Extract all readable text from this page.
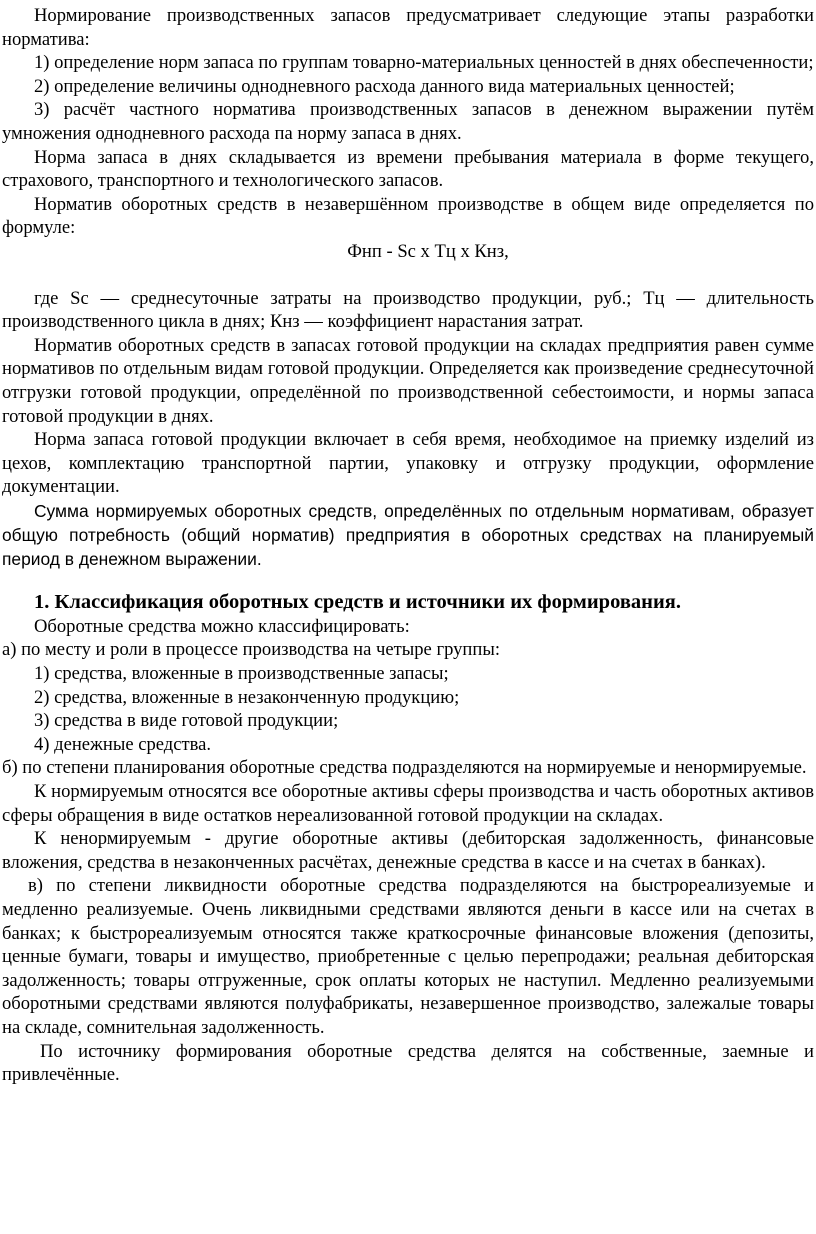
Нормирование производственных запасов предусматривает следующие этапы разработки норматива:

1) определение норм запаса по группам товарно-материальных ценностей в днях обеспеченности;

2) определение величины однодневного расхода данного вида материальных ценностей;

3) расчёт частного норматива производственных запасов в денежном выражении путём умножения однодневного расхода па норму запаса в днях.

Норма запаса в днях складывается из времени пребывания материала в форме текущего, страхового, транспортного и технологического запасов.

Норматив оборотных средств в незавершённом производстве в общем виде определяется по формуле:

Фнп - Sc х Тц х Кнз,

где Sc — среднесуточные затраты на производство продукции, руб.; Тц — длительность производственного цикла в днях; Кнз — коэффициент нарастания затрат.

Норматив оборотных средств в запасах готовой продукции на складах предприятия равен сумме нормативов по отдельным видам готовой продукции. Определяется как произведение среднесуточной отгрузки готовой продукции, определённой по производственной себестоимости, и нормы запаса готовой продукции в днях.

Норма запаса готовой продукции включает в себя время, необходимое на приемку изделий из цехов, комплектацию транспортной партии, упаковку и отгрузку продукции, оформление документации.

Сумма нормируемых оборотных средств, определённых по отдельным нормативам, образует общую потребность (общий норматив) предприятия в оборотных средствах на планируемый период в денежном выражении.

1. Классификация оборотных средств и источники их формирования.

Оборотные средства можно классифицировать:

а) по месту и роли в процессе производства на четыре группы:

1) средства, вложенные в производственные запасы;

2) средства, вложенные в незаконченную продукцию;

3) средства в виде готовой продукции;

4) денежные средства.

б) по степени планирования оборотные средства подразделяются на нормируемые и ненормируемые.

К нормируемым относятся все оборотные активы сферы производства и часть оборотных активов сферы обращения в виде остатков нереализованной готовой продукции на складах.

К ненормируемым - другие оборотные активы (дебиторская задолженность, финансовые вложения, средства в незаконченных расчётах, денежные средства в кассе и на счетах в банках).

в) по степени ликвидности оборотные средства подразделяются на быстрореализуемые и медленно реализуемые. Очень ликвидными средствами являются деньги в кассе или на счетах в банках; к быстрореализуемым относятся также краткосрочные финансовые вложения (депозиты, ценные бумаги, товары и имущество, приобретенные с целью перепродажи; реальная дебиторская задолженность; товары отгруженные, срок оплаты которых не наступил. Медленно реализуемыми оборотными средствами являются полуфабрикаты, незавершенное производство, залежалые товары на складе, сомнительная задолженность.

По источнику формирования оборотные средства делятся на собственные, заемные и привлечённые.
